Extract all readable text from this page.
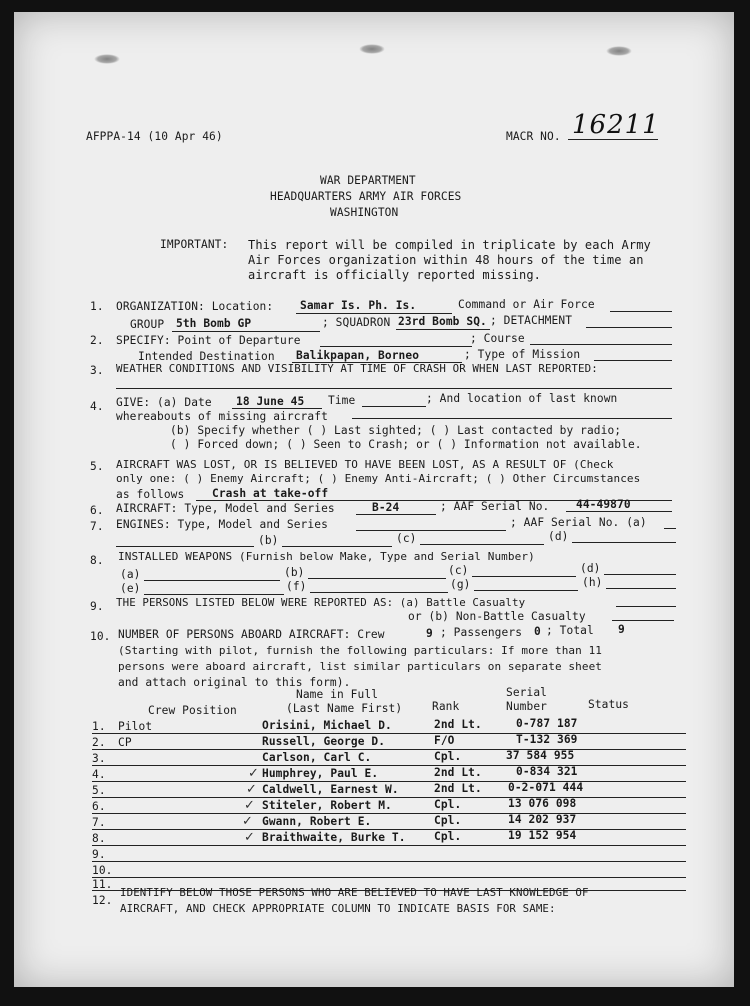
AFPPA-14 (10 Apr 46)	MACR NO. 16211
WAR DEPARTMENT
HEADQUARTERS ARMY AIR FORCES
WASHINGTON
IMPORTANT: This report will be compiled in triplicate by each Army
Air Forces organization within 48 hours of the time an
aircraft is officially reported missing.
1. ORGANIZATION: Location: Samar Is. Ph. Is.	Command or Air Force
GROUP 5th Bomb GP	; SQUADRON 23rd Bomb SQ. ; DETACHMENT
2. SPECIFY: Point of Departure	; Course
Intended Destination Balikpapan, Borneo	; Type of Mission
3. WEATHER CONDITIONS AND VISIBILITY AT TIME OF CRASH OR WHEN LAST REPORTED:
4. GIVE: (a) Date 18 June 45 Time	; And location of last known
whereabouts of missing aircraft
(b) Specify whether ( ) Last sighted; ( ) Last contacted by radio;
( ) Forced down; ( ) Seen to Crash; or ( ) Information not available.
5. AIRCRAFT WAS LOST, OR IS BELIEVED TO HAVE BEEN LOST, AS A RESULT OF (Check
only one: ( ) Enemy Aircraft; ( ) Enemy Anti-Aircraft; ( ) Other Circumstances
as follows Crash at take-off
6. AIRCRAFT: Type, Model and Series	B-24	; AAF Serial No. 44-49870
7. ENGINES: Type, Model and Series	; AAF Serial No. (a)
(b)	(c)	(d)
8. INSTALLED WEAPONS (Furnish below Make, Type and Serial Number)
(a)	(b)	(c)	(d)
(e)	(f)	(g)	(h)
9. THE PERSONS LISTED BELOW WERE REPORTED AS: (a) Battle Casualty
or (b) Non-Battle Casualty
10. NUMBER OF PERSONS ABOARD AIRCRAFT: Crew	9 ; Passengers 0 ; Total 9
(Starting with pilot, furnish the following particulars: If more than 11
persons were aboard aircraft, list similar particulars on separate sheet
and attach original to this form).
Name in Full	Serial
Crew Position	(Last Name First)	Rank	Number	Status
1. Pilot	Orisini, Michael D.	2nd Lt.	0-787 187
2. CP	Russell, George D.	F/O	T-132 369
3.	Carlson, Carl C.	Cpl.	37 584 955
4.	✓ Humphrey, Paul E.	2nd Lt.	0-834 321
5.	✓ Caldwell, Earnest W.	2nd Lt. 0-2-071 444
6.	✓ Stiteler, Robert M.	Cpl.	13 076 098
7.	✓ Gwann, Robert E.	Cpl.	14 202 937
8.	✓ Braithwaite, Burke T.	Cpl.	19 152 954
9.
10.
11.
12.
IDENTIFY BELOW THOSE PERSONS WHO ARE BELIEVED TO HAVE LAST KNOWLEDGE OF
AIRCRAFT, AND CHECK APPROPRIATE COLUMN TO INDICATE BASIS FOR SAME:
